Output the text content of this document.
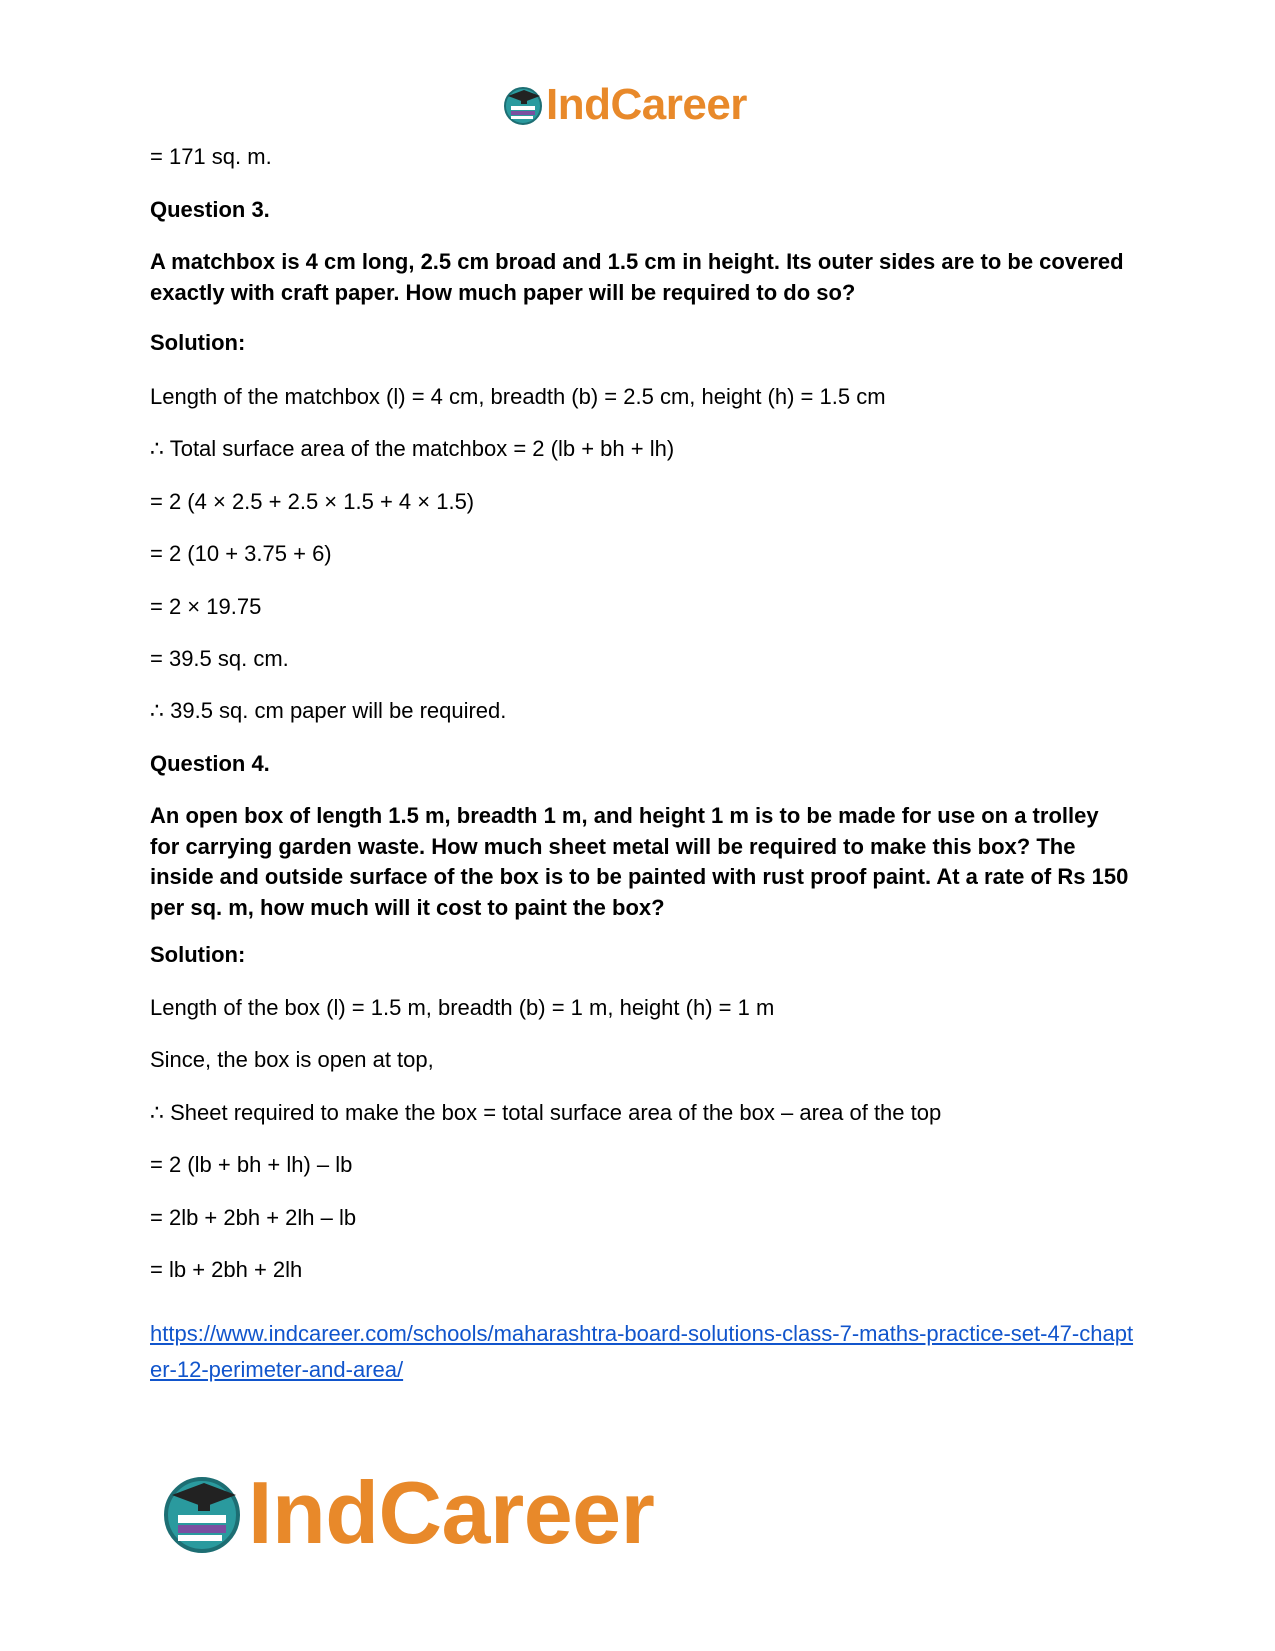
IndCareer
= 171 sq. m.
Question 3.
A matchbox is 4 cm long, 2.5 cm broad and 1.5 cm in height. Its outer sides are to be covered exactly with craft paper. How much paper will be required to do so?
Solution:
Length of the matchbox (l) = 4 cm, breadth (b) = 2.5 cm, height (h) = 1.5 cm
∴ Total surface area of the matchbox = 2 (lb + bh + lh)
= 2 (4 × 2.5 + 2.5 × 1.5 + 4 × 1.5)
= 2 (10 + 3.75 + 6)
= 2 × 19.75
= 39.5 sq. cm.
∴ 39.5 sq. cm paper will be required.
Question 4.
An open box of length 1.5 m, breadth 1 m, and height 1 m is to be made for use on a trolley for carrying garden waste. How much sheet metal will be required to make this box? The inside and outside surface of the box is to be painted with rust proof paint. At a rate of Rs 150 per sq. m, how much will it cost to paint the box?
Solution:
Length of the box (l) = 1.5 m, breadth (b) = 1 m, height (h) = 1 m
Since, the box is open at top,
∴ Sheet required to make the box = total surface area of the box – area of the top
= 2 (lb + bh + lh) – lb
= 2lb + 2bh + 2lh – lb
= lb + 2bh + 2lh
https://www.indcareer.com/schools/maharashtra-board-solutions-class-7-maths-practice-set-47-chapter-12-perimeter-and-area/
IndCareer
